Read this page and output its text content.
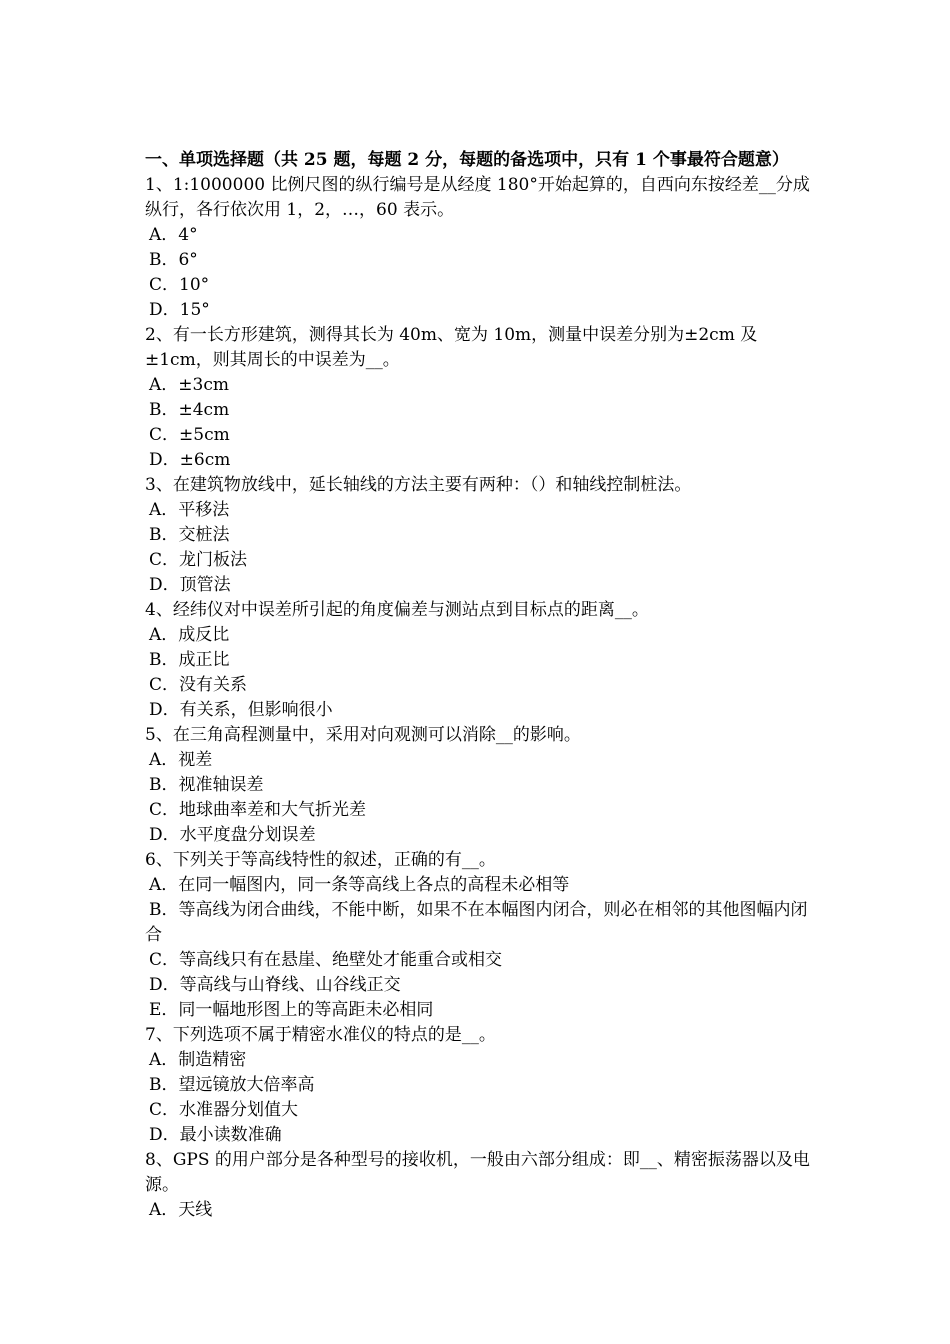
一、单项选择题（共 25 题，每题 2 分，每题的备选项中，只有 1 个事最符合题意）

1、1:1000000 比例尺图的纵行编号是从经度 180°开始起算的，自西向东按经差__分成纵行，各行依次用 1，2，…，60 表示。

A．4°

B．6°

C．10°

D．15°

2、有一长方形建筑，测得其长为 40m、宽为 10m，测量中误差分别为±2cm 及±1cm，则其周长的中误差为__。

A．±3cm

B．±4cm

C．±5cm

D．±6cm

3、在建筑物放线中，延长轴线的方法主要有两种：（）和轴线控制桩法。

A．平移法

B．交桩法

C．龙门板法

D．顶管法

4、经纬仪对中误差所引起的角度偏差与测站点到目标点的距离__。

A．成反比

B．成正比

C．没有关系

D．有关系，但影响很小

5、在三角高程测量中，采用对向观测可以消除__的影响。

A．视差

B．视准轴误差

C．地球曲率差和大气折光差

D．水平度盘分划误差

6、下列关于等高线特性的叙述，正确的有__。

A．在同一幅图内，同一条等高线上各点的高程未必相等

B．等高线为闭合曲线，不能中断，如果不在本幅图内闭合，则必在相邻的其他图幅内闭合

C．等高线只有在悬崖、绝壁处才能重合或相交

D．等高线与山脊线、山谷线正交

E．同一幅地形图上的等高距未必相同

7、下列选项不属于精密水准仪的特点的是__。

A．制造精密

B．望远镜放大倍率高

C．水准器分划值大

D．最小读数准确

8、GPS 的用户部分是各种型号的接收机，一般由六部分组成：即__、精密振荡器以及电源。

A．天线
